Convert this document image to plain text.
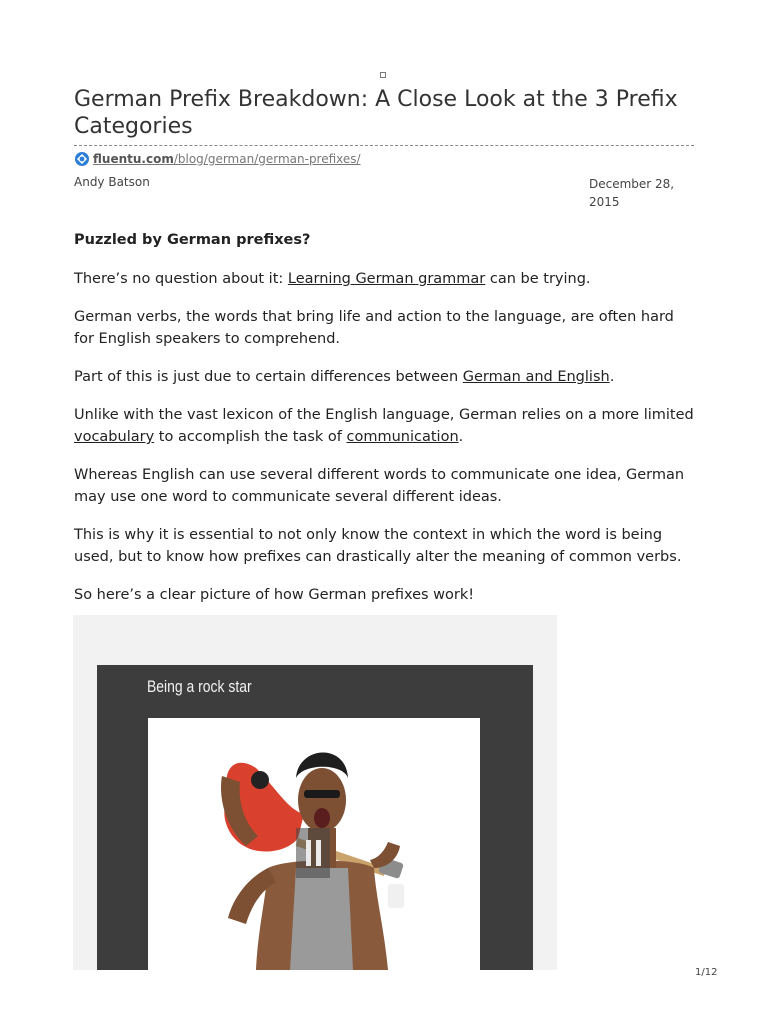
German Prefix Breakdown: A Close Look at the 3 Prefix Categories
fluentu.com/blog/german/german-prefixes/
Andy Batson	December 28, 2015

Puzzled by German prefixes?

There’s no question about it: Learning German grammar can be trying.

German verbs, the words that bring life and action to the language, are often hard for English speakers to comprehend.

Part of this is just due to certain differences between German and English.

Unlike with the vast lexicon of the English language, German relies on a more limited vocabulary to accomplish the task of communication.

Whereas English can use several different words to communicate one idea, German may use one word to communicate several different ideas.

This is why it is essential to not only know the context in which the word is being used, but to know how prefixes can drastically alter the meaning of common verbs.

So here’s a clear picture of how German prefixes work!

Being a rock star
1/12
